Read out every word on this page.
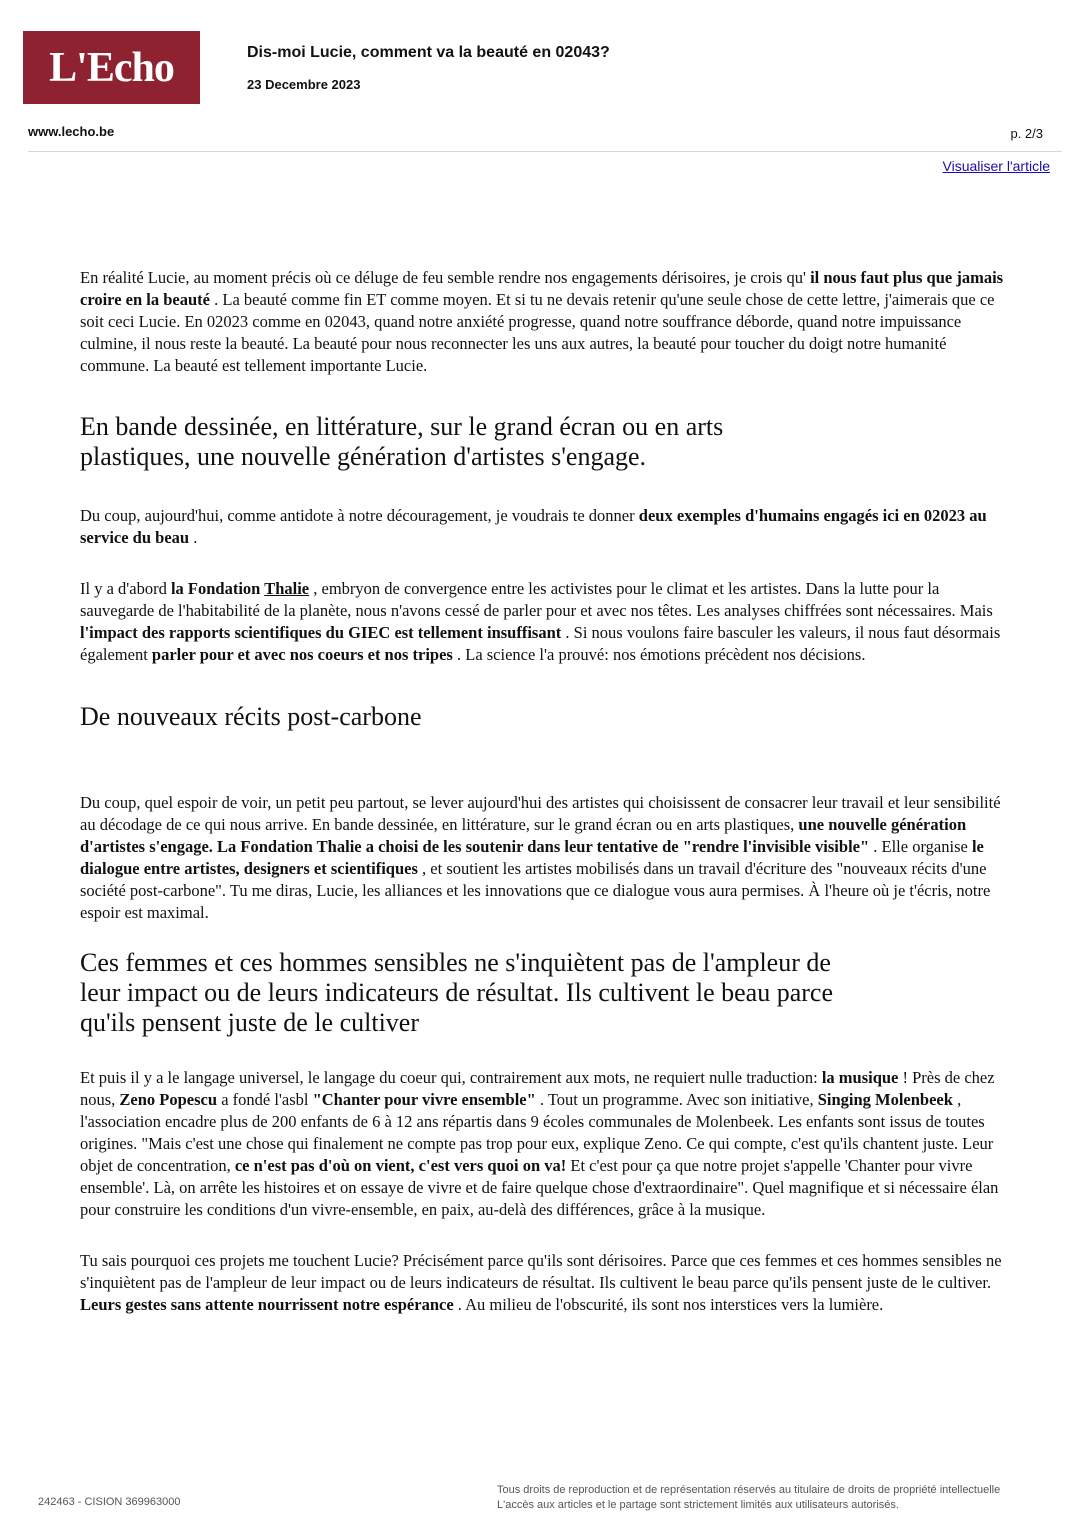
L'Echo	Dis-moi Lucie, comment va la beauté en 02043?
23 Decembre 2023
www.lecho.be	p. 2/3
Visualiser l'article

En réalité Lucie, au moment précis où ce déluge de feu semble rendre nos engagements dérisoires, je crois qu' il nous faut plus que jamais croire en la beauté . La beauté comme fin ET comme moyen. Et si tu ne devais retenir qu'une seule chose de cette lettre, j'aimerais que ce soit ceci Lucie. En 02023 comme en 02043, quand notre anxiété progresse, quand notre souffrance déborde, quand notre impuissance culmine, il nous reste la beauté. La beauté pour nous reconnecter les uns aux autres, la beauté pour toucher du doigt notre humanité commune. La beauté est tellement importante Lucie.

En bande dessinée, en littérature, sur le grand écran ou en arts plastiques, une nouvelle génération d'artistes s'engage.

Du coup, aujourd'hui, comme antidote à notre découragement, je voudrais te donner deux exemples d'humains engagés ici en 02023 au service du beau .

Il y a d'abord la Fondation Thalie , embryon de convergence entre les activistes pour le climat et les artistes. Dans la lutte pour la sauvegarde de l'habitabilité de la planète, nous n'avons cessé de parler pour et avec nos têtes. Les analyses chiffrées sont nécessaires. Mais l'impact des rapports scientifiques du GIEC est tellement insuffisant . Si nous voulons faire basculer les valeurs, il nous faut désormais également parler pour et avec nos coeurs et nos tripes . La science l'a prouvé: nos émotions précèdent nos décisions.

De nouveaux récits post-carbone

Du coup, quel espoir de voir, un petit peu partout, se lever aujourd'hui des artistes qui choisissent de consacrer leur travail et leur sensibilité au décodage de ce qui nous arrive. En bande dessinée, en littérature, sur le grand écran ou en arts plastiques, une nouvelle génération d'artistes s'engage. La Fondation Thalie a choisi de les soutenir dans leur tentative de "rendre l'invisible visible" . Elle organise le dialogue entre artistes, designers et scientifiques , et soutient les artistes mobilisés dans un travail d'écriture des "nouveaux récits d'une société post-carbone". Tu me diras, Lucie, les alliances et les innovations que ce dialogue vous aura permises. À l'heure où je t'écris, notre espoir est maximal.

Ces femmes et ces hommes sensibles ne s'inquiètent pas de l'ampleur de leur impact ou de leurs indicateurs de résultat. Ils cultivent le beau parce qu'ils pensent juste de le cultiver

Et puis il y a le langage universel, le langage du coeur qui, contrairement aux mots, ne requiert nulle traduction: la musique ! Près de chez nous, Zeno Popescu a fondé l'asbl "Chanter pour vivre ensemble" . Tout un programme. Avec son initiative, Singing Molenbeek , l'association encadre plus de 200 enfants de 6 à 12 ans répartis dans 9 écoles communales de Molenbeek. Les enfants sont issus de toutes origines. "Mais c'est une chose qui finalement ne compte pas trop pour eux, explique Zeno. Ce qui compte, c'est qu'ils chantent juste. Leur objet de concentration, ce n'est pas d'où on vient, c'est vers quoi on va! Et c'est pour ça que notre projet s'appelle 'Chanter pour vivre ensemble'. Là, on arrête les histoires et on essaye de vivre et de faire quelque chose d'extraordinaire". Quel magnifique et si nécessaire élan pour construire les conditions d'un vivre-ensemble, en paix, au-delà des différences, grâce à la musique.

Tu sais pourquoi ces projets me touchent Lucie? Précisément parce qu'ils sont dérisoires. Parce que ces femmes et ces hommes sensibles ne s'inquiètent pas de l'ampleur de leur impact ou de leurs indicateurs de résultat. Ils cultivent le beau parce qu'ils pensent juste de le cultiver. Leurs gestes sans attente nourrissent notre espérance . Au milieu de l'obscurité, ils sont nos interstices vers la lumière.

242463 - CISION 369963000
Tous droits de reproduction et de représentation réservés au titulaire de droits de propriété intellectuelle
L'accès aux articles et le partage sont strictement limités aux utilisateurs autorisés.
